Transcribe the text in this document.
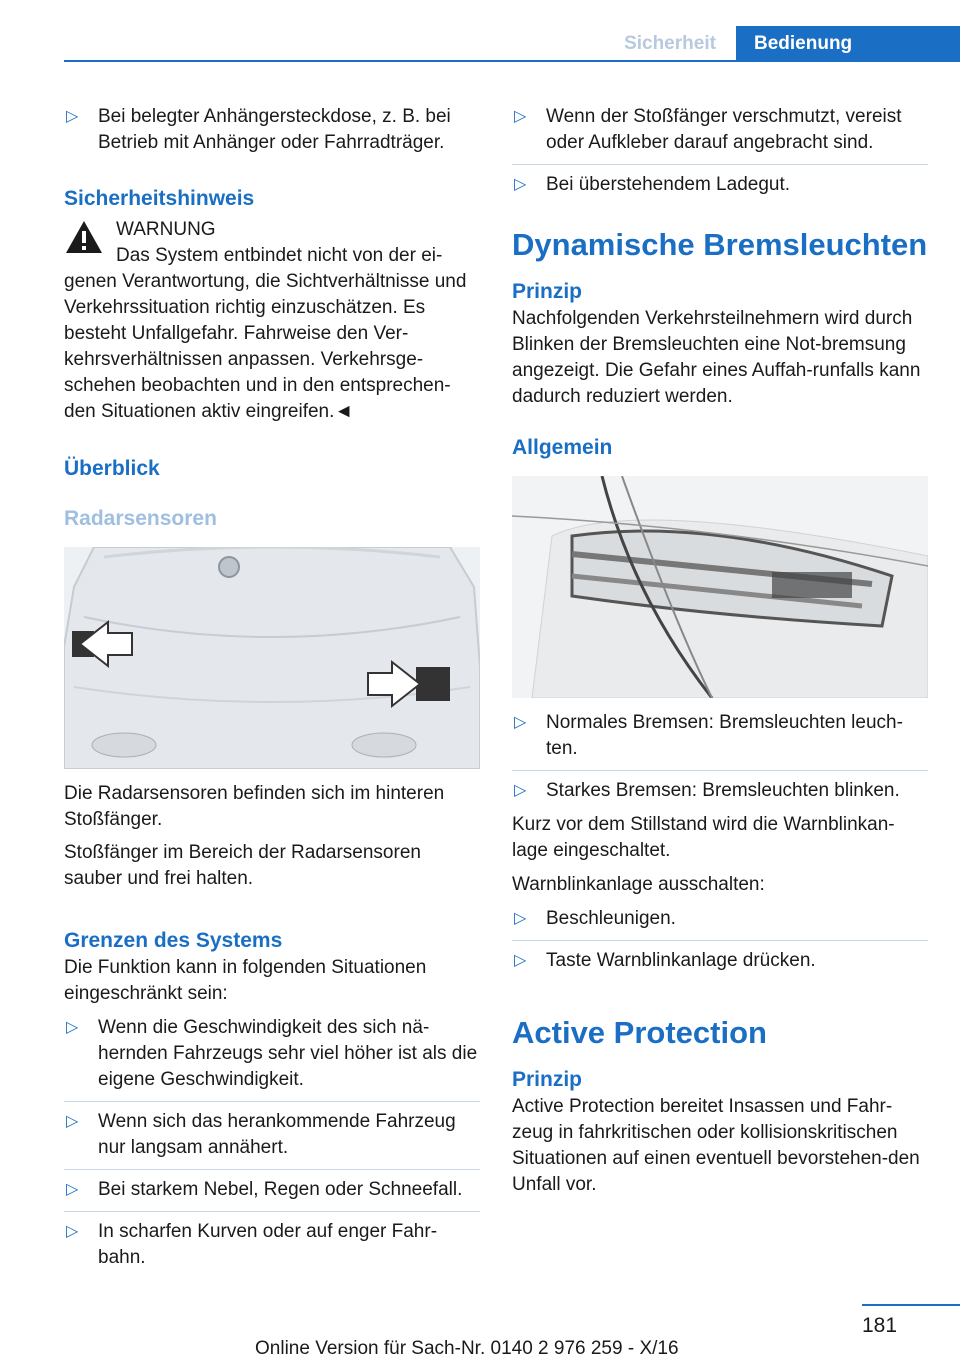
Sicherheit	Bedienung
▷ Bei belegter Anhängersteckdose, z. B. bei Betrieb mit Anhänger oder Fahrradträger.
Sicherheitshinweis

WARNUNG

Das System entbindet nicht von der ei-

genen Verantwortung, die Sichtverhältnisse und Verkehrssituation richtig einzuschätzen. Es besteht Unfallgefahr. Fahrweise den Ver-kehrsverhältnissen anpassen. Verkehrsge-schehen beobachten und in den entsprechen-den Situationen aktiv eingreifen.◄

Überblick
Radarsensoren

Die Radarsensoren befinden sich im hinteren Stoßfänger.

Stoßfänger im Bereich der Radarsensoren sauber und frei halten.

Grenzen des Systems

Die Funktion kann in folgenden Situationen eingeschränkt sein:

▷ Wenn die Geschwindigkeit des sich nä-hernden Fahrzeugs sehr viel höher ist als die eigene Geschwindigkeit.
▷ Wenn sich das herankommende Fahrzeug nur langsam annähert.
▷ Bei starkem Nebel, Regen oder Schneefall.
▷ In scharfen Kurven oder auf enger Fahr-bahn.
▷ Wenn der Stoßfänger verschmutzt, vereist oder Aufkleber darauf angebracht sind.
▷ Bei überstehendem Ladegut.
Dynamische Bremsleuchten
Prinzip

Nachfolgenden Verkehrsteilnehmern wird durch Blinken der Bremsleuchten eine Not-bremsung angezeigt. Die Gefahr eines Auffah-runfalls kann dadurch reduziert werden.

Allgemein
▷ Normales Bremsen: Bremsleuchten leuch-ten.
▷ Starkes Bremsen: Bremsleuchten blinken.

Kurz vor dem Stillstand wird die Warnblinkan-lage eingeschaltet.

Warnblinkanlage ausschalten:

▷ Beschleunigen.
▷ Taste Warnblinkanlage drücken.
Active Protection
Prinzip

Active Protection bereitet Insassen und Fahr-zeug in fahrkritischen oder kollisionskritischen Situationen auf einen eventuell bevorstehen-den Unfall vor.

181
Online Version für Sach-Nr. 0140 2 976 259 - X/16
